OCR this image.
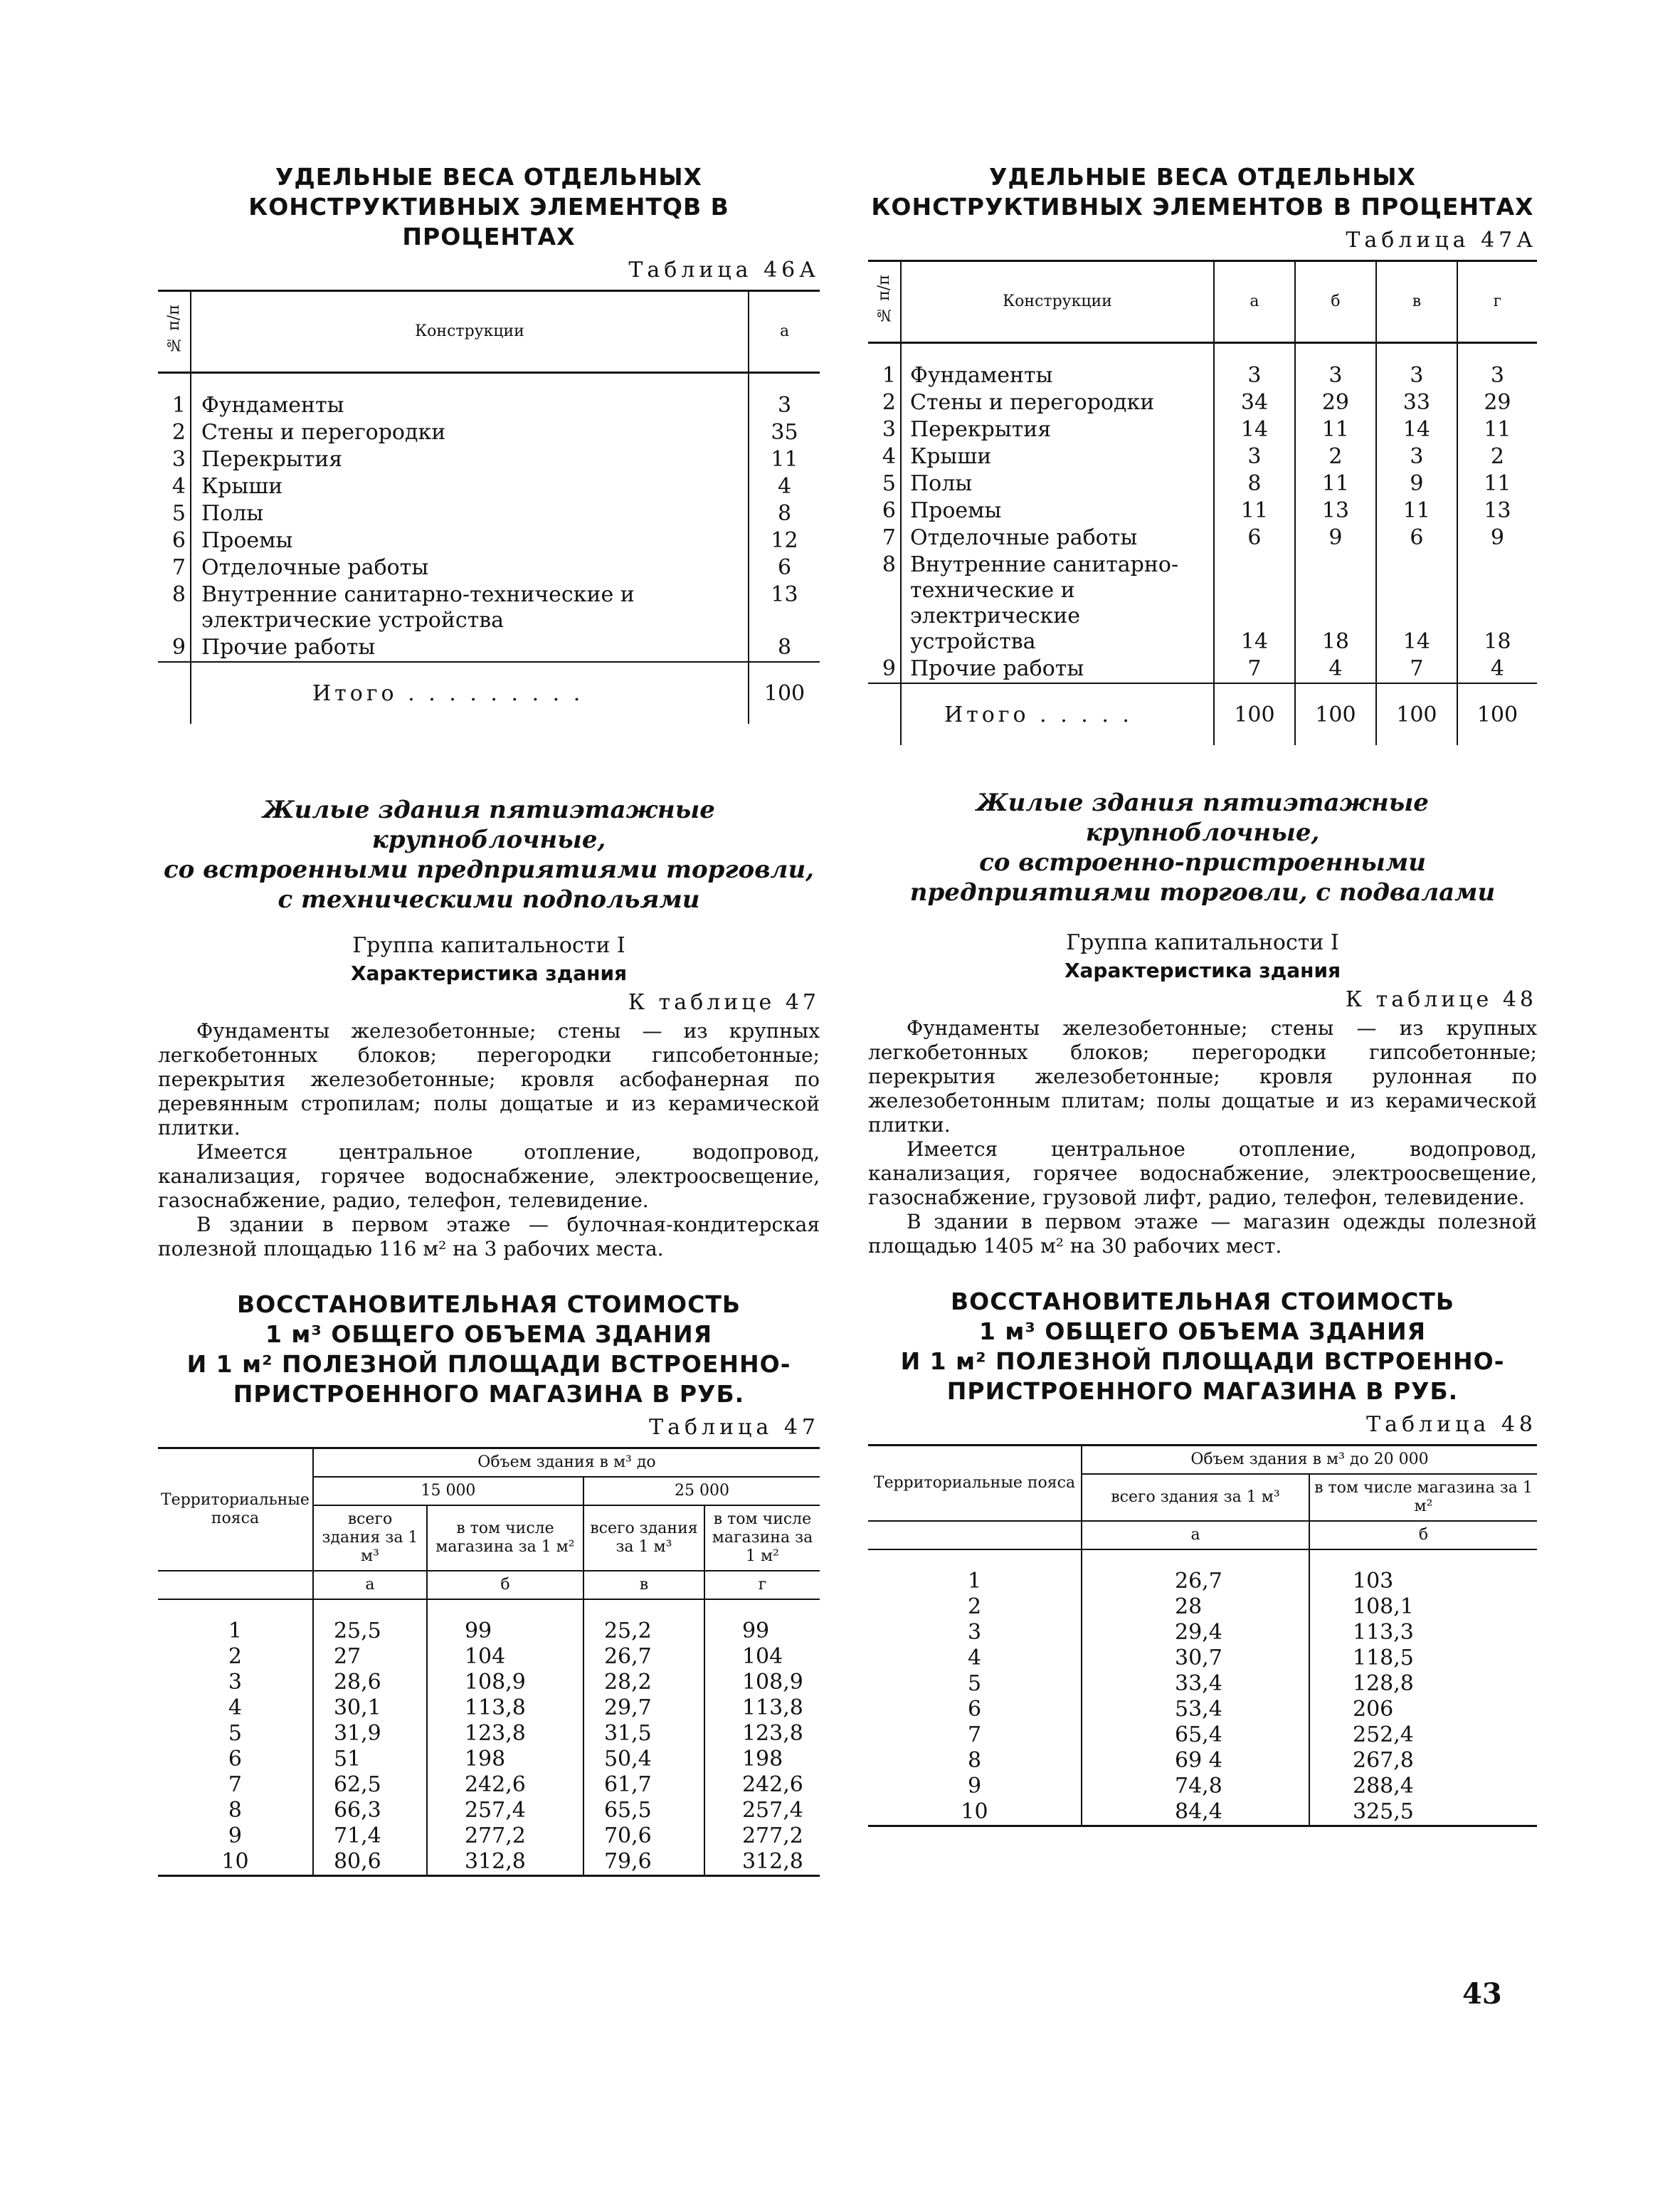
УДЕЛЬНЫЕ ВЕСА ОТДЕЛЬНЫХ
КОНСТРУКТИВНЫХ ЭЛЕМЕНТQВ В ПРОЦЕНТАХ

Таблица 46А
№ п/п	Конструкции	а

1	Фундаменты	3
2	Стены и перегородки	35
3	Перекрытия	11
4	Крыши	4
5	Полы	8
6	Проемы	12
7	Отделочные работы	6
8	Внутренние санитарно-технические и электрические устройства	13
9	Прочие работы	8
	Итого . . . . . . . . .	100

Жилые здания пятиэтажные крупноблочные,
со встроенными предприятиями торговли,
с техническими подпольями

Группа капитальности I

Характеристика здания

К таблице 47

Фундаменты железобетонные; стены — из крупных легкобетонных блоков; перегородки гипсобетонные; перекрытия железобетонные; кровля асбофанерная по деревянным стропилам; полы дощатые и из керамической плитки.

Имеется центральное отопление, водопровод, канализация, горячее водоснабжение, электроосвещение, газоснабжение, радио, телефон, телевидение.

В здании в первом этаже — булочная-кондитерская полезной площадью 116 м² на 3 рабочих места.

ВОССТАНОВИТЕЛЬНАЯ СТОИМОСТЬ
1 м³ ОБЩЕГО ОБЪЕМА ЗДАНИЯ
И 1 м² ПОЛЕЗНОЙ ПЛОЩАДИ ВСТРОЕННО-
ПРИСТРОЕННОГО МАГАЗИНА В РУБ.

Таблица 47
Территориальные пояса	Объем здания в м³ до			
	15 000		25 000	
	всего здания за 1 м³	в том числе магазина за 1 м²	всего здания за 1 м³	в том числе магазина за 1 м²
	а	б	в	г

1	25,5	99	25,2	99
2	27	104	26,7	104
3	28,6	108,9	28,2	108,9
4	30,1	113,8	29,7	113,8
5	31,9	123,8	31,5	123,8
6	51	198	50,4	198
7	62,5	242,6	61,7	242,6
8	66,3	257,4	65,5	257,4
9	71,4	277,2	70,6	277,2
10	80,6	312,8	79,6	312,8

УДЕЛЬНЫЕ ВЕСА ОТДЕЛЬНЫХ
КОНСТРУКТИВНЫХ ЭЛЕМЕНТОВ В ПРОЦЕНТАХ

Таблица 47А
№ п/п	Конструкции	а	б	в	г

1	Фундаменты	3	3	3	3
2	Стены и перегородки	34	29	33	29
3	Перекрытия	14	11	14	11
4	Крыши	3	2	3	2
5	Полы	8	11	9	11
6	Проемы	11	13	11	13
7	Отделочные работы	6	9	6	9
8	Внутренние санитарно-технические и электрические устройства	14	18	14	18
9	Прочие работы	7	4	7	4
	Итого . . . . .	100	100	100	100

Жилые здания пятиэтажные крупноблочные,
со встроенно-пристроенными
предприятиями торговли, с подвалами

Группа капитальности I

Характеристика здания

К таблице 48

Фундаменты железобетонные; стены — из крупных легкобетонных блоков; перегородки гипсобетонные; перекрытия железобетонные; кровля рулонная по железобетонным плитам; полы дощатые и из керамической плитки.

Имеется центральное отопление, водопровод, канализация, горячее водоснабжение, электроосвещение, газоснабжение, грузовой лифт, радио, телефон, телевидение.

В здании в первом этаже — магазин одежды полезной площадью 1405 м² на 30 рабочих мест.

ВОССТАНОВИТЕЛЬНАЯ СТОИМОСТЬ
1 м³ ОБЩЕГО ОБЪЕМА ЗДАНИЯ
И 1 м² ПОЛЕЗНОЙ ПЛОЩАДИ ВСТРОЕННО-
ПРИСТРОЕННОГО МАГАЗИНА В РУБ.

Таблица 48
Территориальные пояса	Объем здания в м³ до 20 000	
	всего здания за 1 м³	в том числе магазина за 1 м²
	а	б

1	26,7	103
2	28	108,1
3	29,4	113,3
4	30,7	118,5
5	33,4	128,8
6	53,4	206
7	65,4	252,4
8	69 4	267,8
9	74,8	288,4
10	84,4	325,5
43
